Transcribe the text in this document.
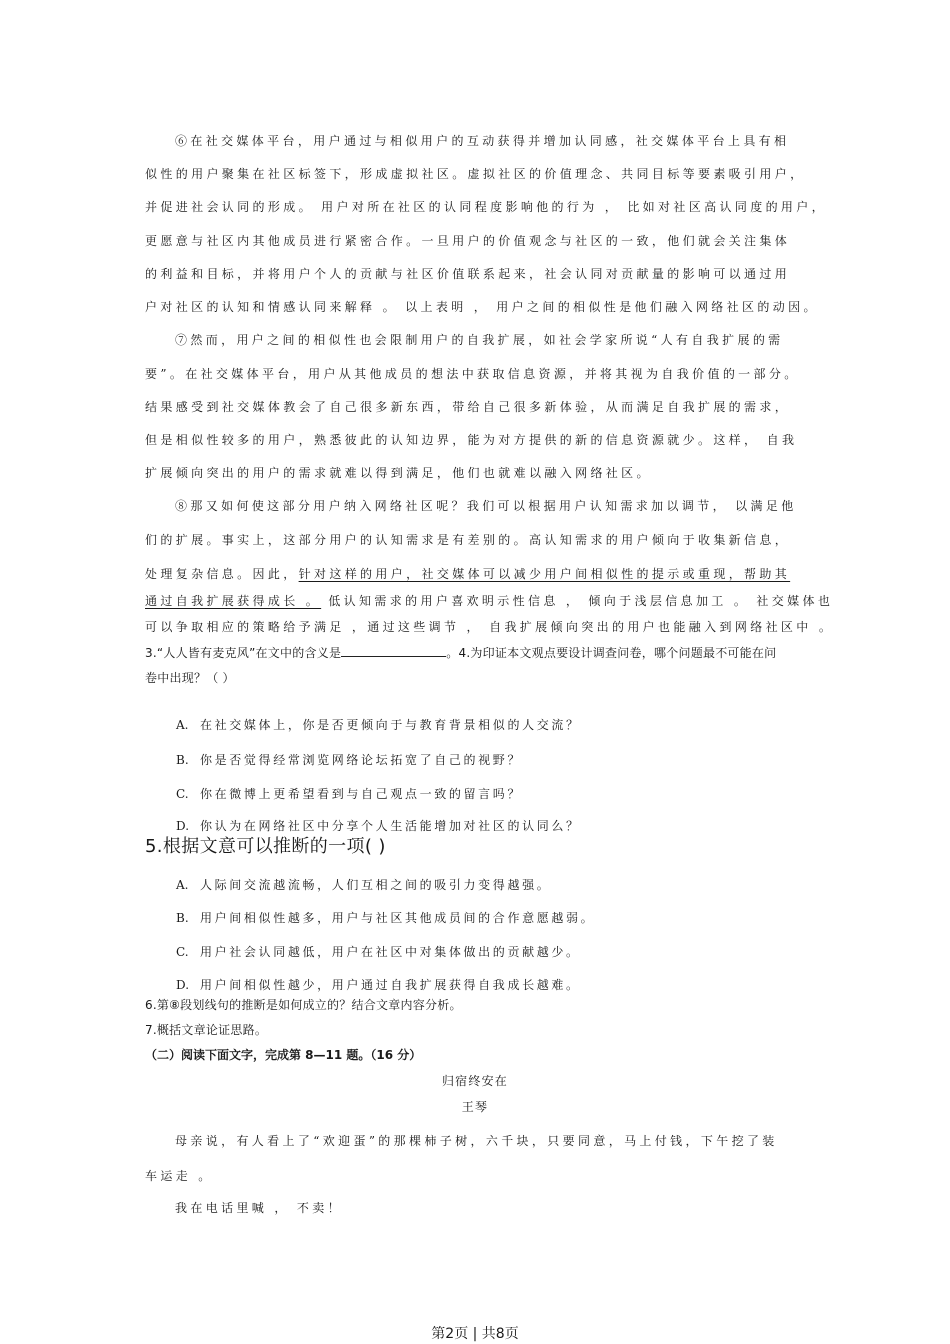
⑥在社交媒体平台，用户通过与相似用户的互动获得并增加认同感，社交媒体平台上具有相
似性的用户聚集在社区标签下，形成虚拟社区。虚拟社区的价值理念、共同目标等要素吸引用户，
并促进社会认同的形成。 用户对所在社区的认同程度影响他的行为 ， 比如对社区高认同度的用户，
更愿意与社区内其他成员进行紧密合作。一旦用户的价值观念与社区的一致，他们就会关注集体
的利益和目标，并将用户个人的贡献与社区价值联系起来，社会认同对贡献量的影响可以通过用
户对社区的认知和情感认同来解释 。 以上表明 ， 用户之间的相似性是他们融入网络社区的动因。
⑦然而，用户之间的相似性也会限制用户的自我扩展，如社会学家所说“人有自我扩展的需
要”。在社交媒体平台，用户从其他成员的想法中获取信息资源，并将其视为自我价值的一部分。
结果感受到社交媒体教会了自己很多新东西，带给自己很多新体验，从而满足自我扩展的需求，
但是相似性较多的用户，熟悉彼此的认知边界，能为对方提供的新的信息资源就少。这样， 自我
扩展倾向突出的用户的需求就难以得到满足，他们也就难以融入网络社区。
⑧那又如何使这部分用户纳入网络社区呢？我们可以根据用户认知需求加以调节， 以满足他
们的扩展。事实上，这部分用户的认知需求是有差别的。高认知需求的用户倾向于收集新信息，
处理复杂信息。因此，针对这样的用户，社交媒体可以减少用户间相似性的提示或重现，帮助其
通过自我扩展获得成长 。 低认知需求的用户喜欢明示性信息 ， 倾向于浅层信息加工 。 社交媒体也
可以争取相应的策略给予满足 ，通过这些调节 ， 自我扩展倾向突出的用户也能融入到网络社区中 。
3.“人人皆有麦克风”在文中的含义是	。4.为印证本文观点要设计调查问卷，哪个问题最不可能在问
卷中出现？（ ）
A. 在社交媒体上，你是否更倾向于与教育背景相似的人交流？
B. 你是否觉得经常浏览网络论坛拓宽了自己的视野？
C. 你在微博上更希望看到与自己观点一致的留言吗？
D. 你认为在网络社区中分享个人生活能增加对社区的认同么？
5.根据文意可以推断的一项( )
A. 人际间交流越流畅，人们互相之间的吸引力变得越强。
B. 用户间相似性越多，用户与社区其他成员间的合作意愿越弱。
C. 用户社会认同越低，用户在社区中对集体做出的贡献越少。
D. 用户间相似性越少，用户通过自我扩展获得自我成长越难。
6.第⑧段划线句的推断是如何成立的？结合文章内容分析。
7.概括文章论证思路。
（二）阅读下面文字，完成第 8—11 题。（16 分）
归宿终安在
王琴
母亲说，有人看上了“欢迎蛋”的那棵柿子树，六千块，只要同意，马上付钱，下午挖了装
车运走 。
我在电话里喊 ， 不卖！
第2页 | 共8页
